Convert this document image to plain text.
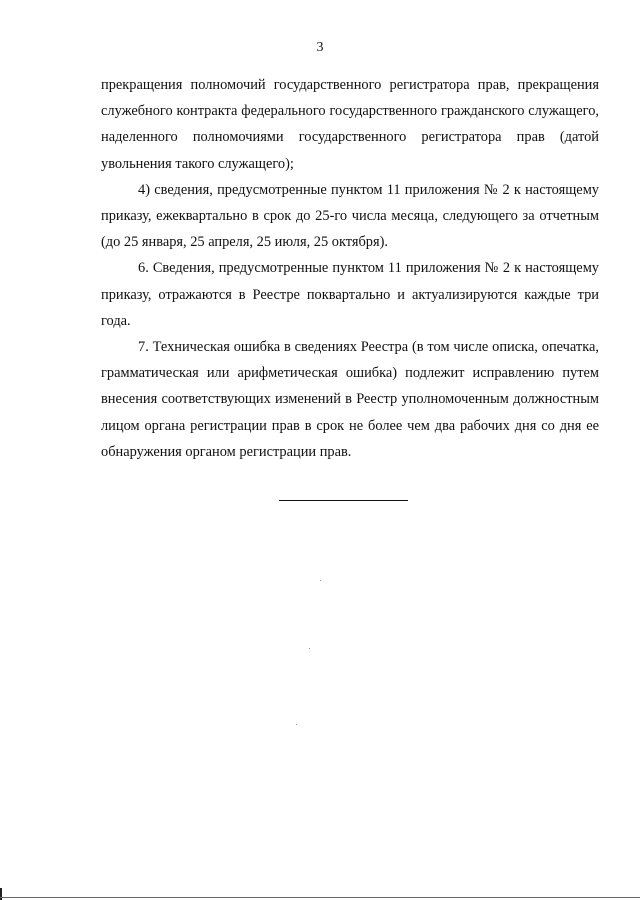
3

прекращения полномочий государственного регистратора прав, прекращения служебного контракта федерального государственного гражданского служащего, наделенного полномочиями государственного регистратора прав (датой увольнения такого служащего);

4) сведения, предусмотренные пунктом 11 приложения № 2 к настоящему приказу, ежеквартально в срок до 25-го числа месяца, следующего за отчетным (до 25 января, 25 апреля, 25 июля, 25 октября).

6. Сведения, предусмотренные пунктом 11 приложения № 2 к настоящему приказу, отражаются в Реестре поквартально и актуализируются каждые три года.

7. Техническая ошибка в сведениях Реестра (в том числе описка, опечатка, грамматическая или арифметическая ошибка) подлежит исправлению путем внесения соответствующих изменений в Реестр уполномоченным должностным лицом органа регистрации прав в срок не более чем два рабочих дня со дня ее обнаружения органом регистрации прав.
